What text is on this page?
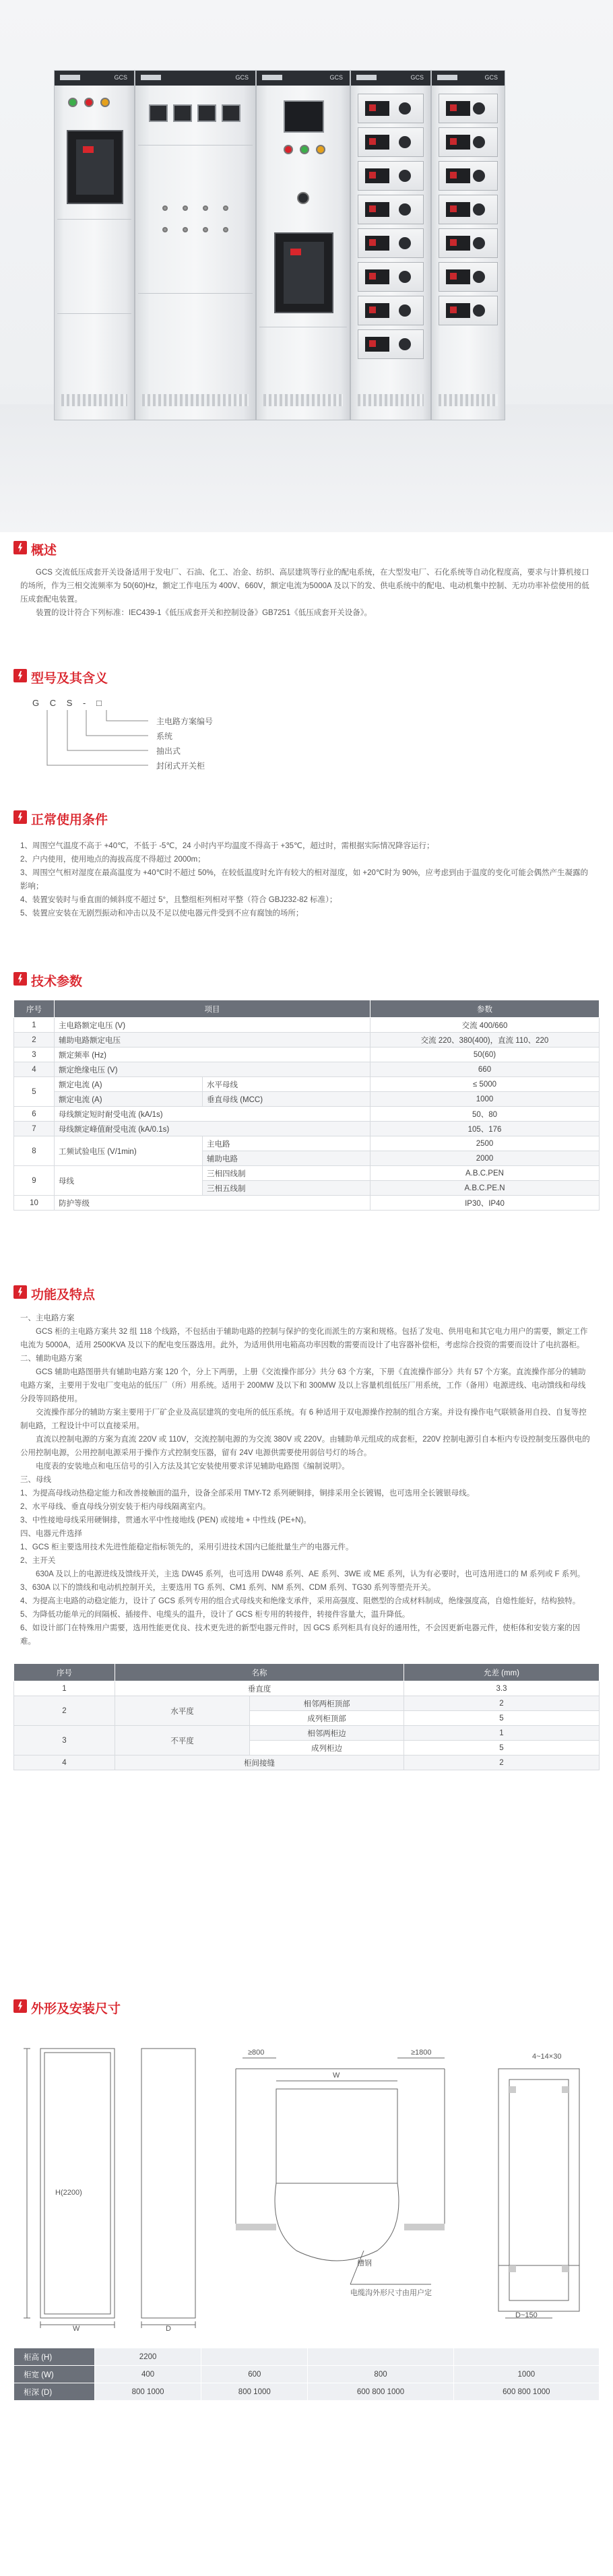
GCS	GCS	GCS	GCS	GCS
概述

GCS 交流低压成套开关设备适用于发电厂、石油、化工、冶金、纺织、高层建筑等行业的配电系统，在大型发电厂、石化系统等自动化程度高，要求与计算机接口的场所，作为三相交流频率为 50(60)Hz，额定工作电压为 400V、660V，额定电流为5000A 及以下的发、供电系统中的配电、电动机集中控制、无功功率补偿使用的低压成套配电装置。

装置的设计符合下列标准：IEC439-1《低压成套开关和控制设备》GB7251《低压成套开关设备》。

型号及其含义
G C S - □
主电路方案编号
系统
抽出式
封闭式开关柜
正常使用条件

1、周围空气温度不高于 +40℃，不低于 -5℃，24 小时内平均温度不得高于 +35℃，超过时，需根据实际情况降容运行；

2、户内使用，使用地点的海拔高度不得超过 2000m；

3、周围空气相对湿度在最高温度为 +40℃时不超过 50%，在较低温度时允许有较大的相对湿度，如 +20℃时为 90%，应考虑到由于温度的变化可能会偶然产生凝露的影响；

4、装置安装时与垂直面的倾斜度不超过 5°，且整组柜列相对平整（符合 GBJ232-82 标准）；

5、装置应安装在无剧烈振动和冲击以及不足以使电器元件受到不应有腐蚀的场所；

技术参数
序号	项目		参数
1	主电路额定电压 (V)		交流 400/660
2	辅助电路额定电压		交流 220、380(400)，直流 110、220
3	额定频率 (Hz)		50(60)
4	额定绝缘电压 (V)		660
5	额定电流 (A)	水平母线	≤ 5000
	额定电流 (A)	垂直母线 (MCC)	1000
6	母线额定短时耐受电流 (kA/1s)		50、80
7	母线额定峰值耐受电流 (kA/0.1s)		105、176
8	工频试验电压 (V/1min)	主电路	2500
		辅助电路	2000
9	母线	三相四线制	A.B.C.PEN
		三相五线制	A.B.C.PE.N
10	防护等级		IP30、IP40
功能及特点

一、主电路方案

GCS 柜的主电路方案共 32 组 118 个线路，不包括由于辅助电路的控制与保护的变化而派生的方案和规格。包括了发电、供用电和其它电力用户的需要，额定工作电流为 5000A，适用 2500KVA 及以下的配电变压器选用。此外，为适用供用电箱高功率因数的需要而设计了电容器补偿柜，考虑综合投资的需要而设计了电抗器柜。

二、辅助电路方案

GCS 辅助电路图册共有辅助电路方案 120 个，分上下两册，上册《交流操作部分》共分 63 个方案，下册《直流操作部分》共有 57 个方案。直流操作部分的辅助电路方案，主要用于发电厂变电站的低压厂（所）用系统。适用于 200MW 及以下和 300MW 及以上容量机组低压厂用系统，工作（备用）电源进线、电动馈线和母线分段等回路使用。

交流操作部分的辅助方案主要用于厂矿企业及高层建筑的变电所的低压系统。有 6 种适用于双电源操作控制的组合方案。并设有操作电气联锁备用自投、自复等控制电路，工程设计中可以直接采用。

直流以控制电源的方案为直流 220V 或 110V，交流控制电源的为交流 380V 或 220V。由辅助单元组成的成套柜，220V 控制电源引自本柜内专设控制变压器供电的公用控制电源，公用控制电源采用于操作方式控制变压器，留有 24V 电源供需要使用弱信号灯的场合。

电度表的安装地点和电压信号的引入方法及其它安装使用要求详见辅助电路图《编制说明》。

三、母线

1、为提高母线动热稳定能力和改善接触面的温升，设备全部采用 TMY-T2 系列硬铜排，铜排采用全长镀锡，也可选用全长镀银母线。

2、水平母线、垂直母线分别安装于柜内母线隔离室内。

3、中性接地母线采用硬铜排，贯通水平中性接地线 (PEN) 或接地 + 中性线 (PE+N)。

四、电器元件选择

1、GCS 柜主要选用技术先进性能稳定指标领先的，采用引进技术国内已能批量生产的电器元件。

2、主开关

630A 及以上的电源进线及馈线开关，主选 DW45 系列，也可选用 DW48 系列、AE 系列、3WE 或 ME 系列，认为有必要时，也可选用进口的 M 系列或 F 系列。

3、630A 以下的馈线和电动机控制开关，主要选用 TG 系列、CM1 系列、NM 系列、CDM 系列、TG30 系列等塑壳开关。

4、为提高主电路的动稳定能力，设计了 GCS 系列专用的组合式母线夹和绝缘支承件，采用高强度、阻燃型的合成材料制成，绝缘强度高，自熄性能好，结构独特。

5、为降低功能单元的间隔板、插接件、电缆头的温升，设计了 GCS 柜专用的转接件，转接件容量大，温升降低。

6、如设计部门在特殊用户需要，选用性能更优良、技术更先进的新型电器元件时，因 GCS 系列柜具有良好的通用性，不会因更新电器元件，使柜体和安装方案的因难。

序号	名称		允差 (mm)
1	垂直度		3.3
2	水平度	相邻两柜顶部	2
		成列柜顶部	5
3	不平度	相邻两柜边	1
		成列柜边	5
4	柜间接缝		2
外形及安装尺寸
H(2200)
W	D
≥800	≥1800
W
槽钢
电缆沟外形尺寸由用户定
4~14×30
D~150
柜高 (H)	2200			
柜宽 (W)	400	600	800	1000
柜深 (D)	800 1000	800 1000	600 800 1000	600 800 1000
